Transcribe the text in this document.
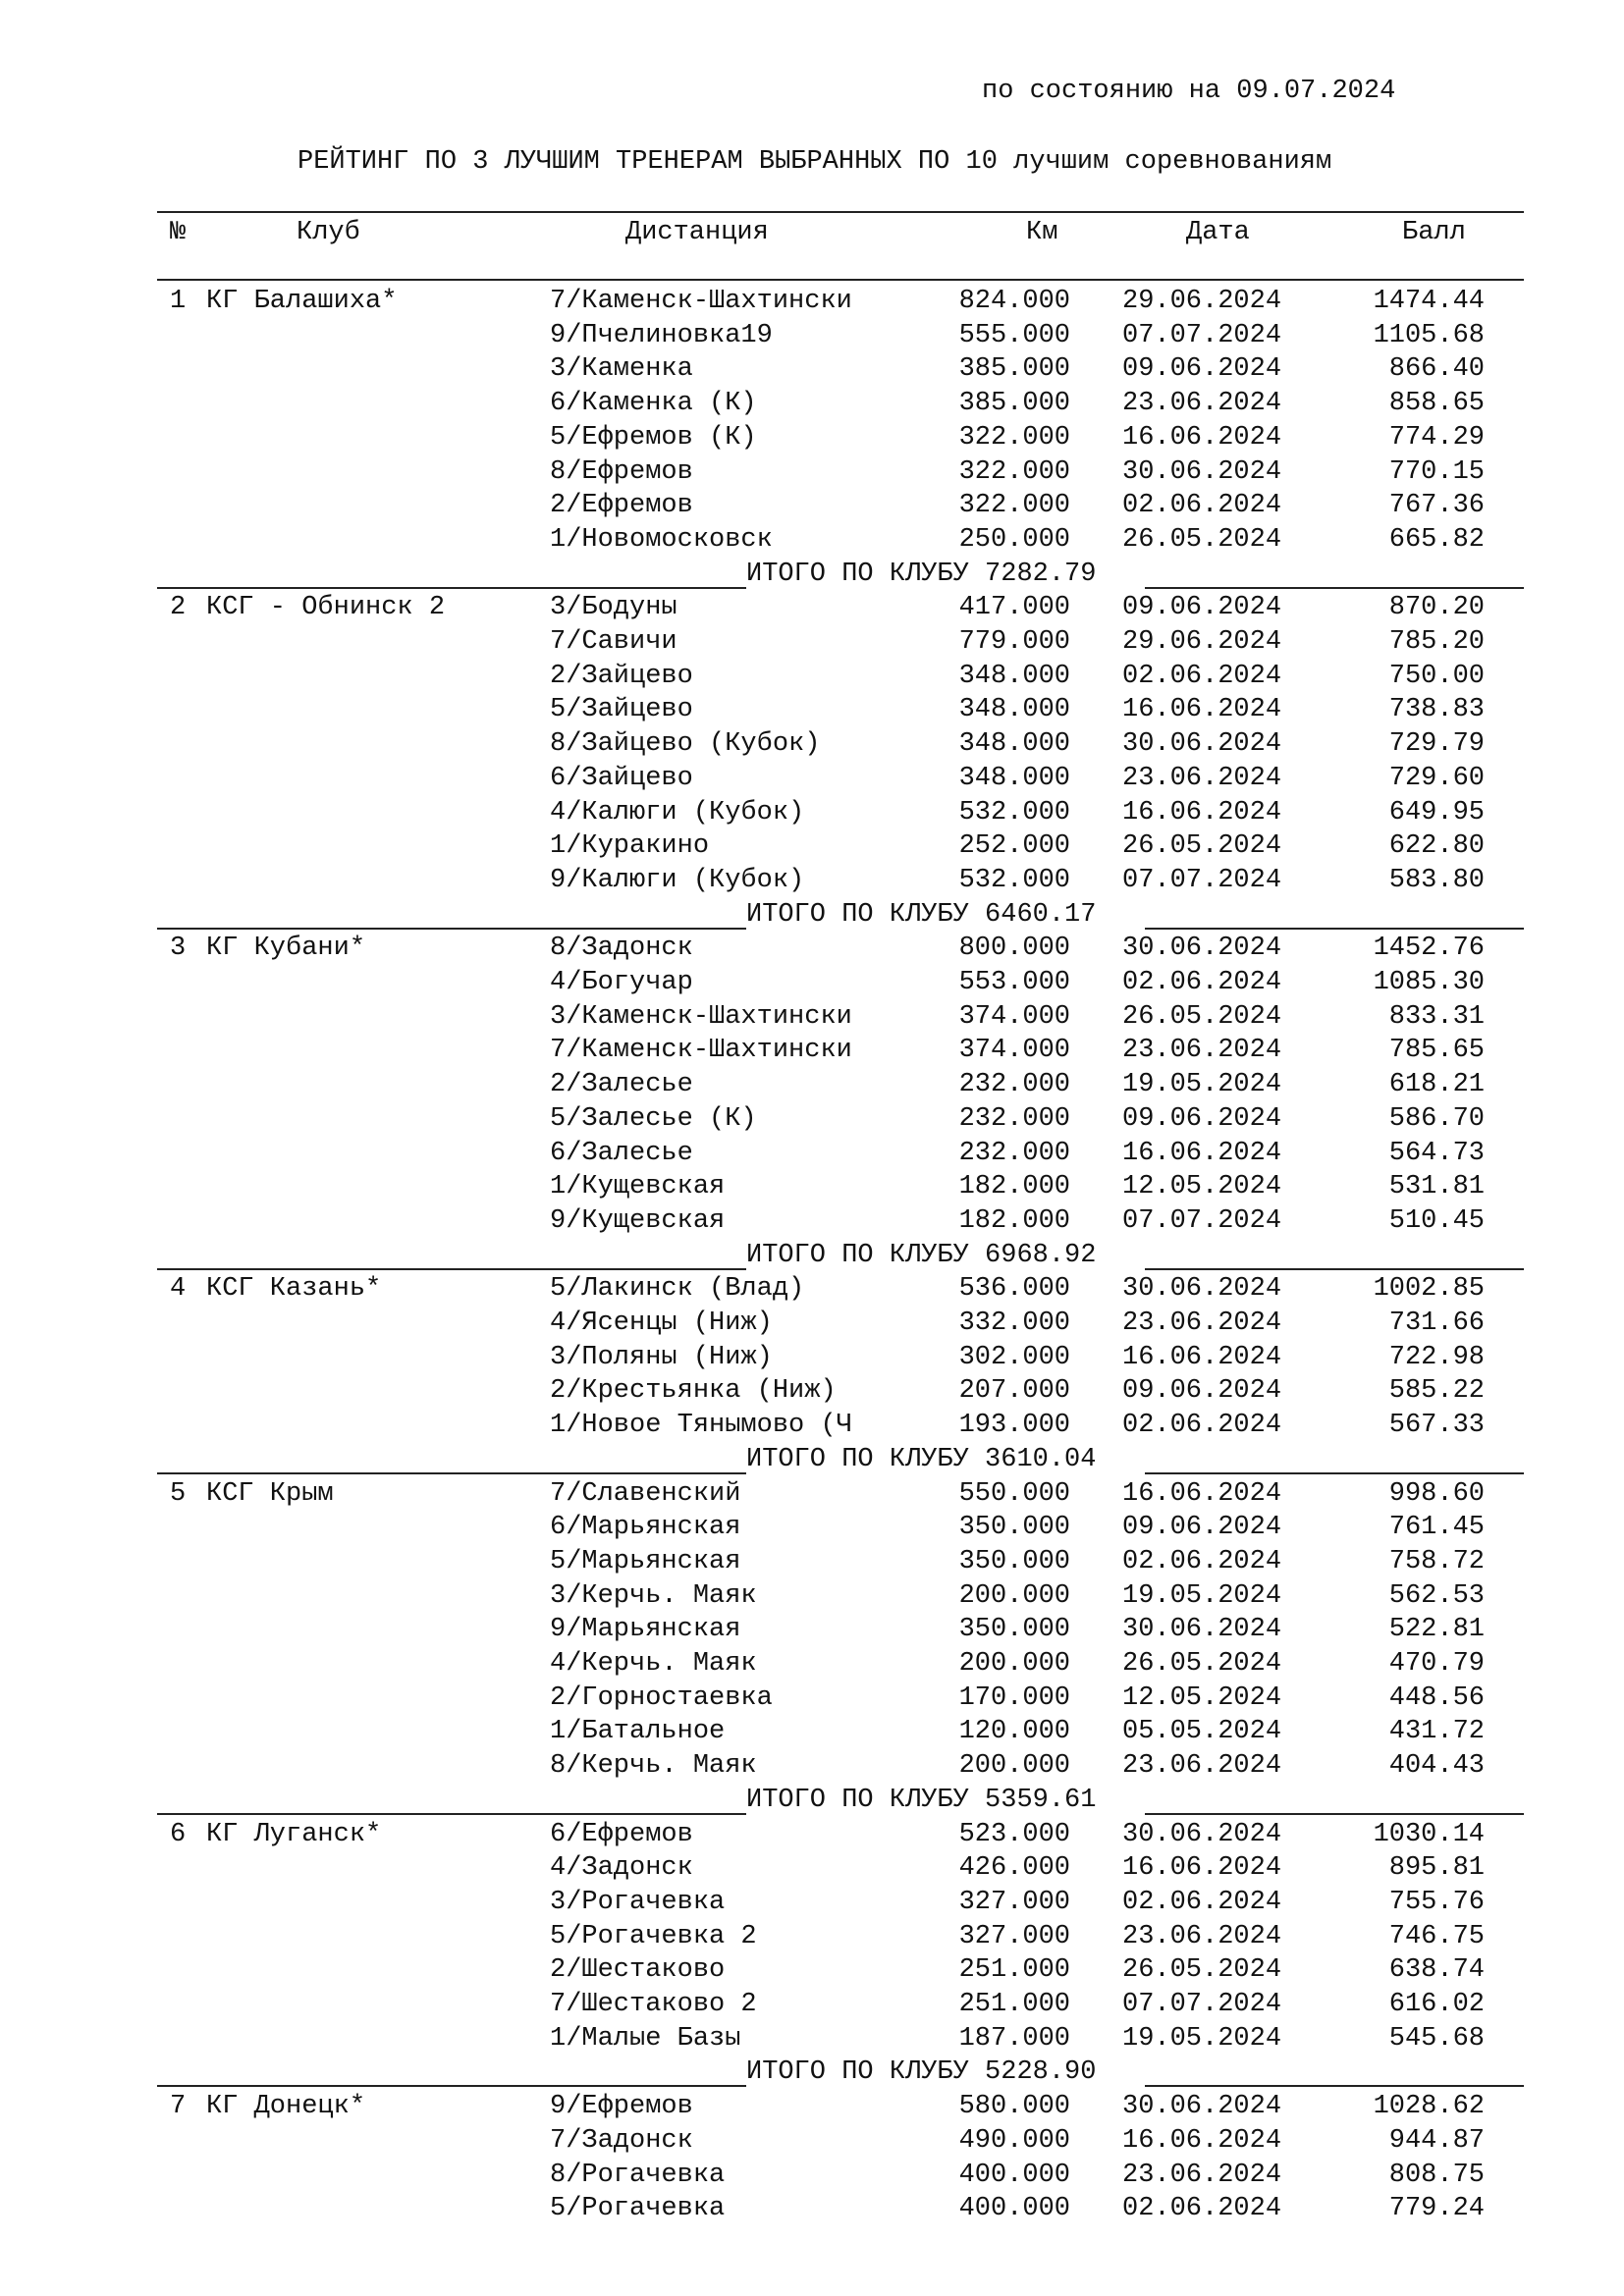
по состоянию на 09.07.2024
РЕЙТИНГ ПО 3 ЛУЧШИМ ТРЕНЕРАМ ВЫБРАННЫХ ПО 10 лучшим соревнованиям
№	Клуб	Дистанция	Км	Дата	Балл
1 КГ Балашиха*	7/Каменск-Шахтински	824.000 29.06.2024	1474.44
9/Пчелиновка19	555.000 07.07.2024	1105.68
3/Каменка	385.000 09.06.2024	866.40
6/Каменка (К)	385.000 23.06.2024	858.65
5/Ефремов (К)	322.000 16.06.2024	774.29
8/Ефремов	322.000 30.06.2024	770.15
2/Ефремов	322.000 02.06.2024	767.36
1/Новомосковск	250.000 26.05.2024	665.82
ИТОГО ПО КЛУБУ 7282.79
2 КСГ - Обнинск 2	3/Бодуны	417.000 09.06.2024	870.20
7/Савичи	779.000 29.06.2024	785.20
2/Зайцево	348.000 02.06.2024	750.00
5/Зайцево	348.000 16.06.2024	738.83
8/Зайцево (Кубок)	348.000 30.06.2024	729.79
6/Зайцево	348.000 23.06.2024	729.60
4/Калюги (Кубок)	532.000 16.06.2024	649.95
1/Куракино	252.000 26.05.2024	622.80
9/Калюги (Кубок)	532.000 07.07.2024	583.80
ИТОГО ПО КЛУБУ 6460.17
3 КГ Кубани*	8/Задонск	800.000 30.06.2024	1452.76
4/Богучар	553.000 02.06.2024	1085.30
3/Каменск-Шахтински	374.000 26.05.2024	833.31
7/Каменск-Шахтински	374.000 23.06.2024	785.65
2/Залесье	232.000 19.05.2024	618.21
5/Залесье (К)	232.000 09.06.2024	586.70
6/Залесье	232.000 16.06.2024	564.73
1/Кущевская	182.000 12.05.2024	531.81
9/Кущевская	182.000 07.07.2024	510.45
ИТОГО ПО КЛУБУ 6968.92
4 КСГ Казань*	5/Лакинск (Влад)	536.000 30.06.2024	1002.85
4/Ясенцы (Ниж)	332.000 23.06.2024	731.66
3/Поляны (Ниж)	302.000 16.06.2024	722.98
2/Крестьянка (Ниж)	207.000 09.06.2024	585.22
1/Новое Тянымово (Ч	193.000 02.06.2024	567.33
ИТОГО ПО КЛУБУ 3610.04
5 КСГ Крым	7/Славенский	550.000 16.06.2024	998.60
6/Марьянская	350.000 09.06.2024	761.45
5/Марьянская	350.000 02.06.2024	758.72
3/Керчь. Маяк	200.000 19.05.2024	562.53
9/Марьянская	350.000 30.06.2024	522.81
4/Керчь. Маяк	200.000 26.05.2024	470.79
2/Горностаевка	170.000 12.05.2024	448.56
1/Батальное	120.000 05.05.2024	431.72
8/Керчь. Маяк	200.000 23.06.2024	404.43
ИТОГО ПО КЛУБУ 5359.61
6 КГ Луганск*	6/Ефремов	523.000 30.06.2024	1030.14
4/Задонск	426.000 16.06.2024	895.81
3/Рогачевка	327.000 02.06.2024	755.76
5/Рогачевка 2	327.000 23.06.2024	746.75
2/Шестаково	251.000 26.05.2024	638.74
7/Шестаково 2	251.000 07.07.2024	616.02
1/Малые Базы	187.000 19.05.2024	545.68
ИТОГО ПО КЛУБУ 5228.90
7 КГ Донецк*	9/Ефремов	580.000 30.06.2024	1028.62
7/Задонск	490.000 16.06.2024	944.87
8/Рогачевка	400.000 23.06.2024	808.75
5/Рогачевка	400.000 02.06.2024	779.24
